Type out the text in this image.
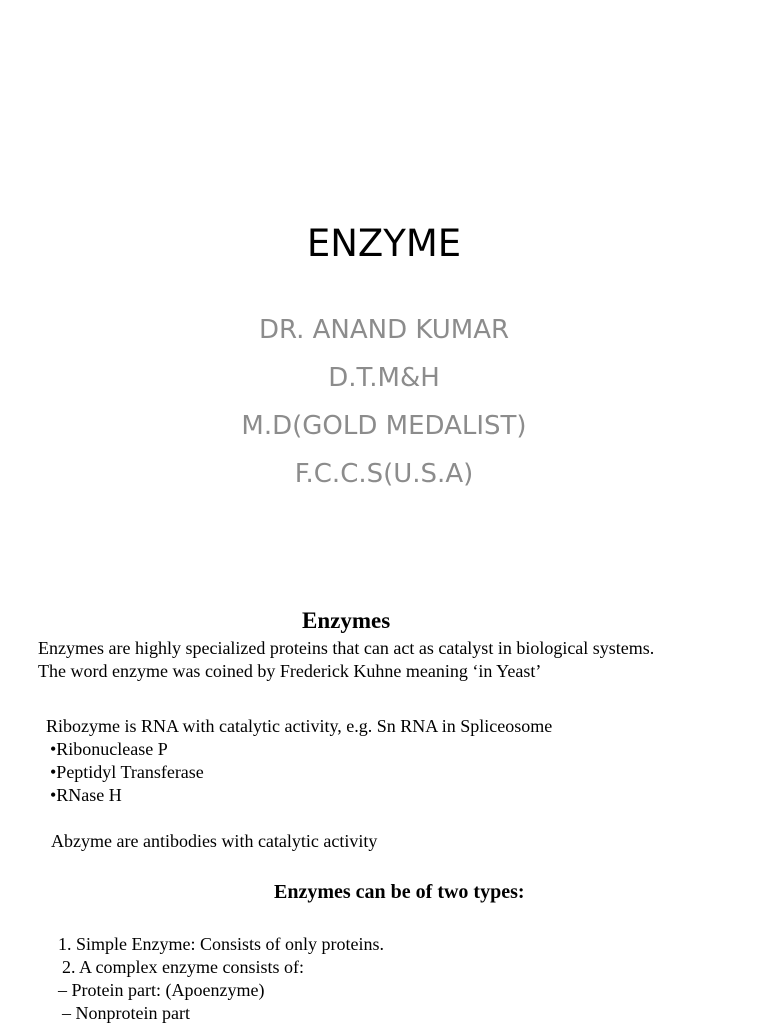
ENZYME
DR. ANAND KUMAR
D.T.M&H
M.D(GOLD MEDALIST)
F.C.C.S(U.S.A)
Enzymes
Enzymes are highly specialized proteins that can act as catalyst in biological systems.
The word enzyme was coined by Frederick Kuhne meaning ‘in Yeast’
Ribozyme is RNA with catalytic activity, e.g. Sn RNA in Spliceosome
•Ribonuclease P
•Peptidyl Transferase
•RNase H
Abzyme are antibodies with catalytic activity
Enzymes can be of two types:
1. Simple Enzyme: Consists of only proteins.
2. A complex enzyme consists of:
– Protein part: (Apoenzyme)
– Nonprotein part
